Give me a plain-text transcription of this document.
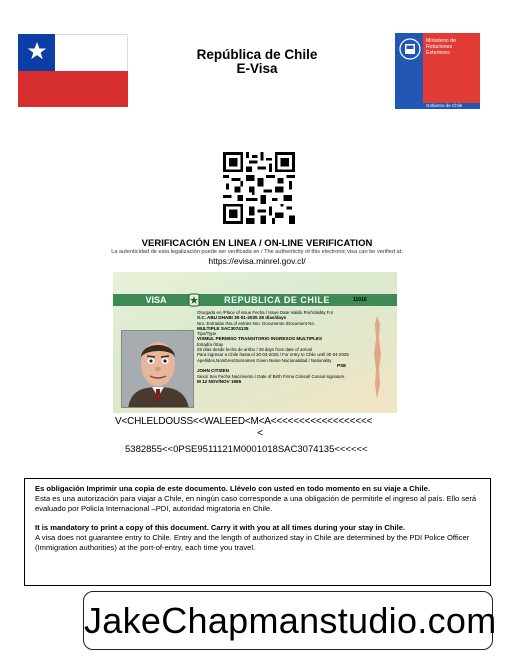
República de Chile
E-Visa
Ministerio de
Relaciones
Exteriores
Gobierno de Chile
VERIFICACIÓN EN LINEA / ON-LINE VERIFICATION
La autenticidad de esta legalización puede ser verificada en / The authenticity of this electronic visa can be verified at:
https://evisa.minrel.gov.cl/
VISA	REPUBLICA DE CHILE	11016
Otorgada en /Place of issue Fecha / Issue Date Valido Por/Validity For
S.C. ABU DHABI 30-01-2025 28 días/days
Nro. Entradas /No.of entries Nro. Documento /Document No.
MULTIPLE SAC3074135
Tipo/Type
VISMUL PERMISO TRANSITORIO INGRESOS MULTIPLES
Estadía /Stay
28 días desde fecha de arribo / 28 days from date of arrival
Para ingresar a Chile hasta el 30-04-2025 / For entry to Chile until 30-04-2025
Apellidos,Nombres/Surnames Given Name Nacionalidad / Nationality
PSE
JOHN CITIZEN
Sexo/ Sex Fecha Nacimiento / Date of Birth Firma Cónsul/ Consul signature
M 12 NOV/NOV 1985
V<CHLELDOUSS<<WALEED<M<A<<<<<<<<<<<<<<<<<<
<
5382855<<0PSE9511121M0001018SAC3074135<<<<<<

Es obligación Imprimir una copia de este documento. Llévelo con usted en todo momento en su viaje a Chile.

Esta es una autorización para viajar a Chile, en ningún caso corresponde a una obligación de permitirle el ingreso al país. Ello será evaluado por Policía Internacional –PDI, autoridad migratoria en Chile.

It is mandatory to print a copy of this document. Carry it with you at all times during your stay in Chile.

A visa does not guarantee entry to Chile. Entry and the length of authorized stay in Chile are determined by the PDI Police Officer (Immigration authorities) at the port-of-entry, each time you travel.

JakeChapmanstudio.com
